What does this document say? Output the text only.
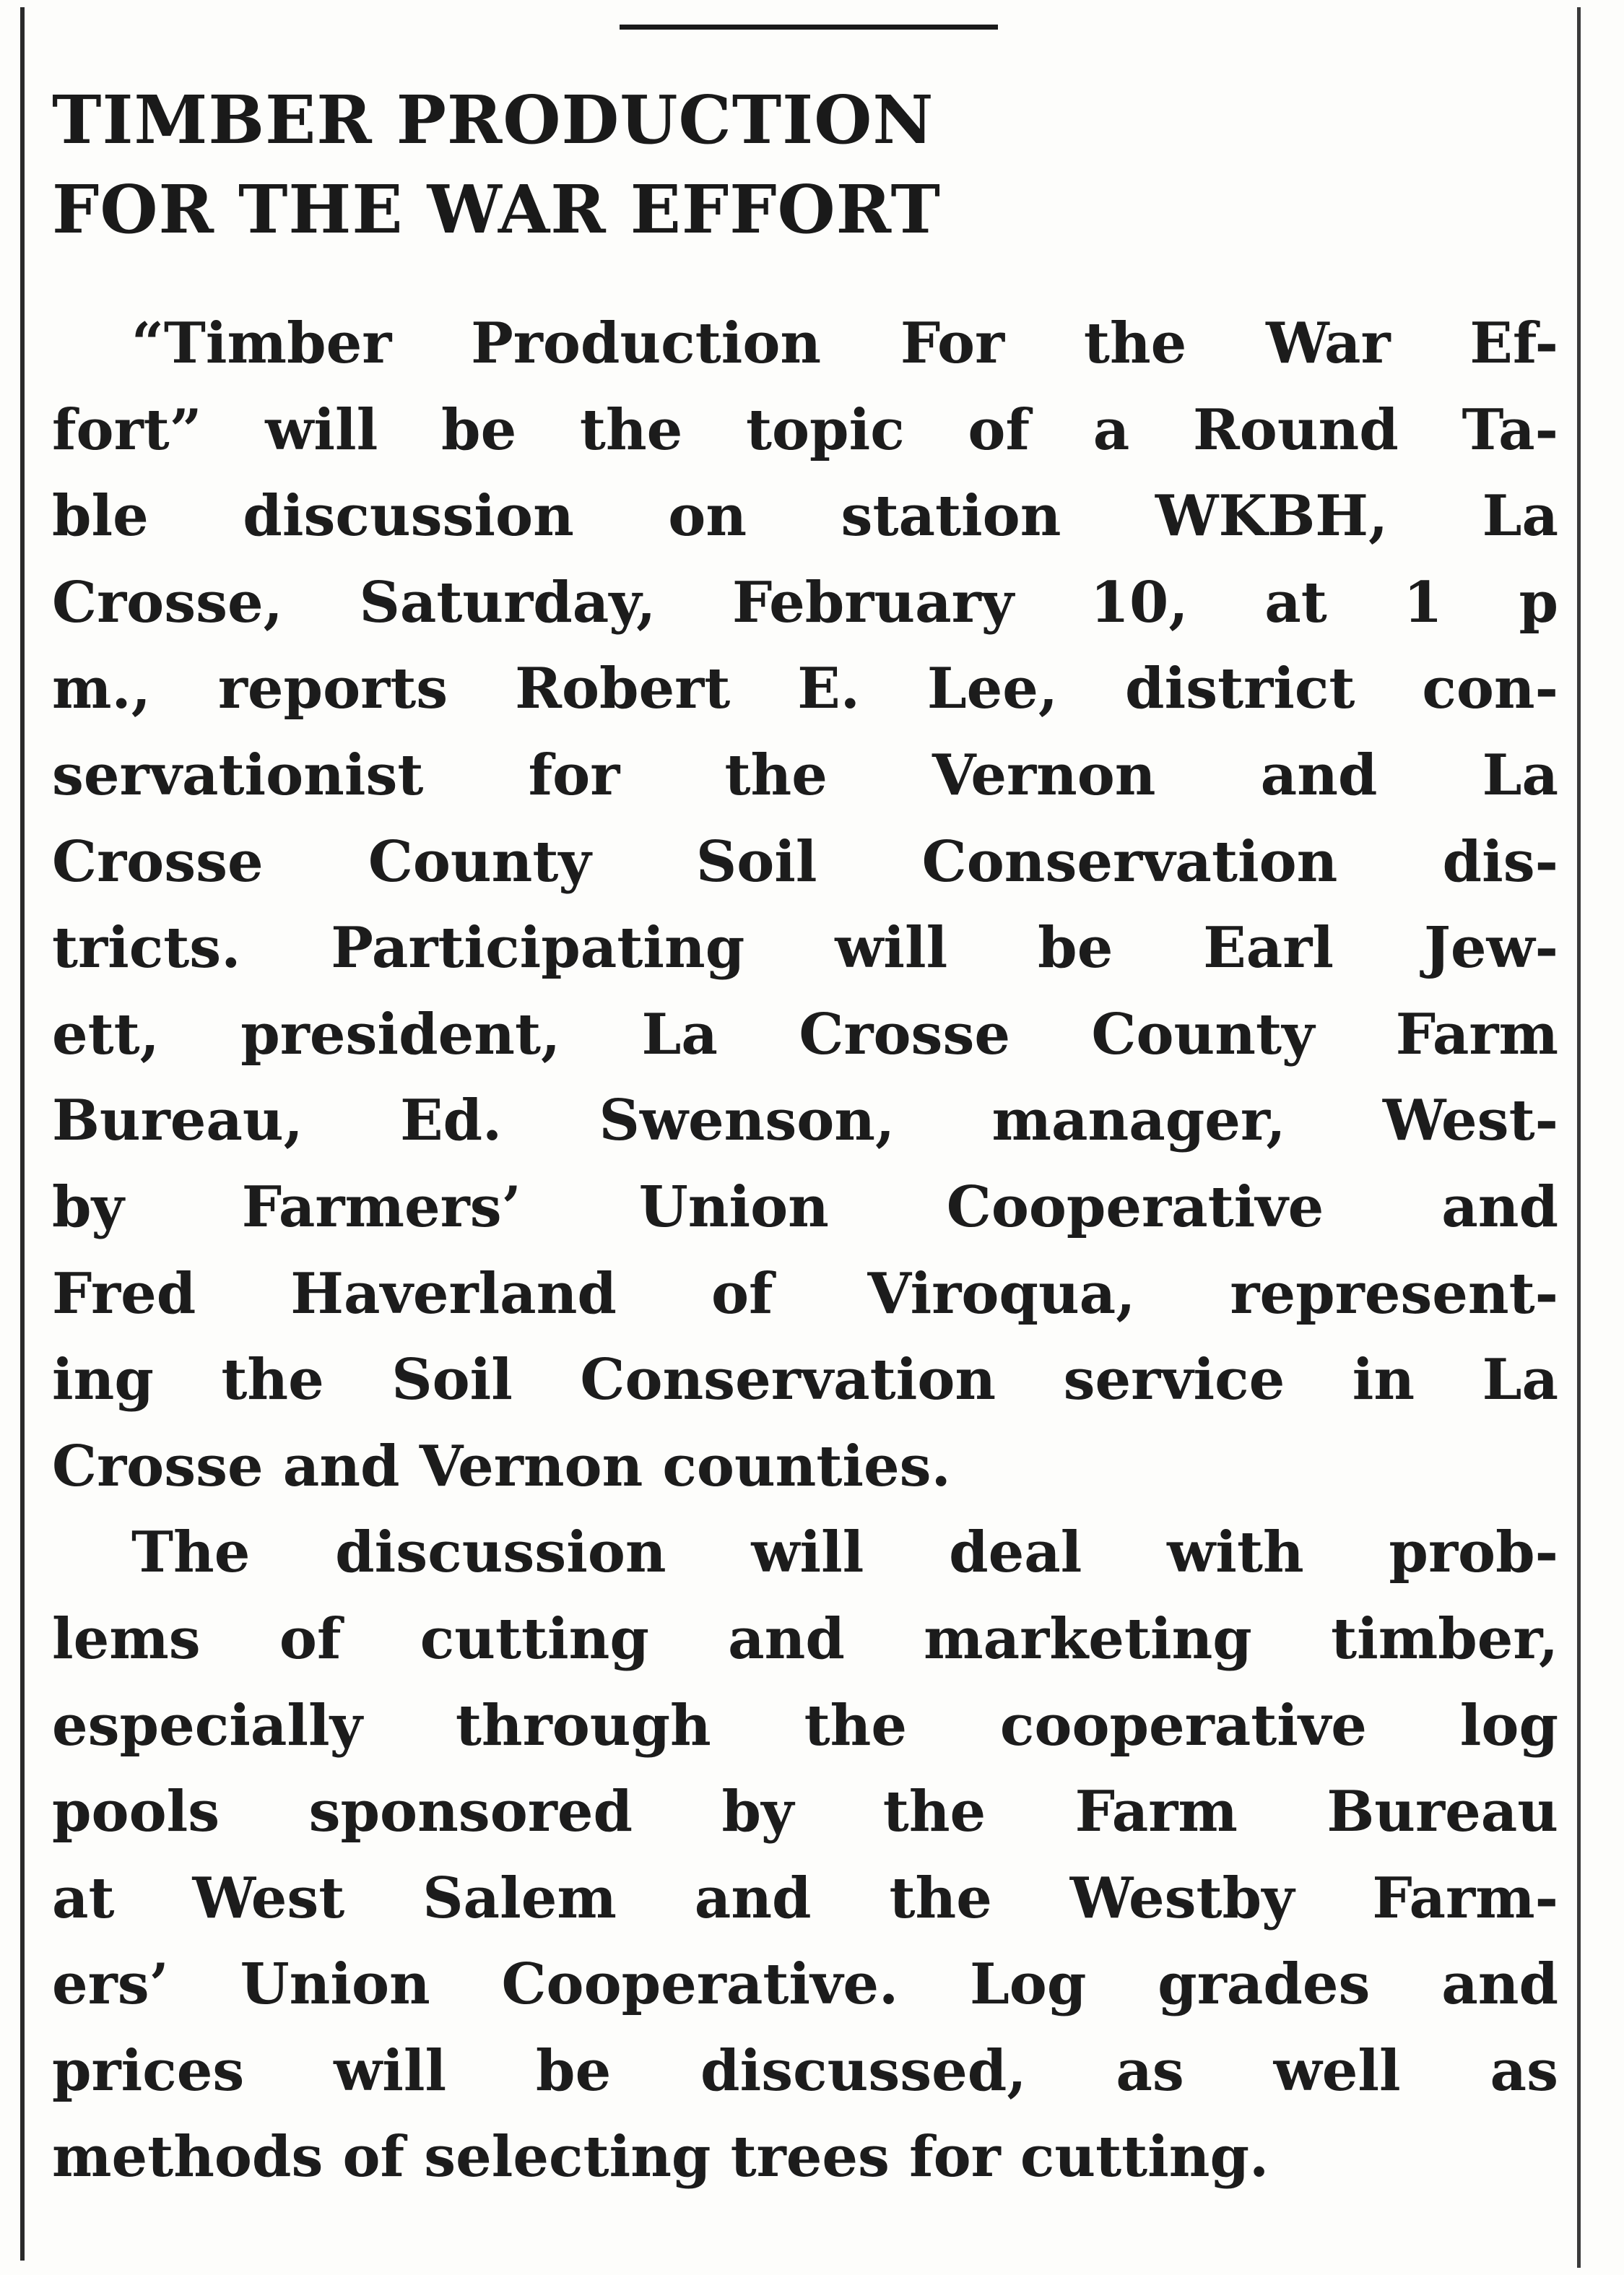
TIMBER PRODUCTION
FOR THE WAR EFFORT
“Timber Production For the War Ef-
fort” will be the topic of a Round Ta-
ble discussion on station WKBH, La
Crosse, Saturday, February 10, at 1 p
m., reports Robert E. Lee, district con-
servationist for the Vernon and La
Crosse County Soil Conservation dis-
tricts. Participating will be Earl Jew-
ett, president, La Crosse County Farm
Bureau, Ed. Swenson, manager, West-
by Farmers’ Union Cooperative and
Fred Haverland of Viroqua, represent-
ing the Soil Conservation service in La
Crosse and Vernon counties.
The discussion will deal with prob-
lems of cutting and marketing timber,
especially through the cooperative log
pools sponsored by the Farm Bureau
at West Salem and the Westby Farm-
ers’ Union Cooperative. Log grades and
prices will be discussed, as well as
methods of selecting trees for cutting.
